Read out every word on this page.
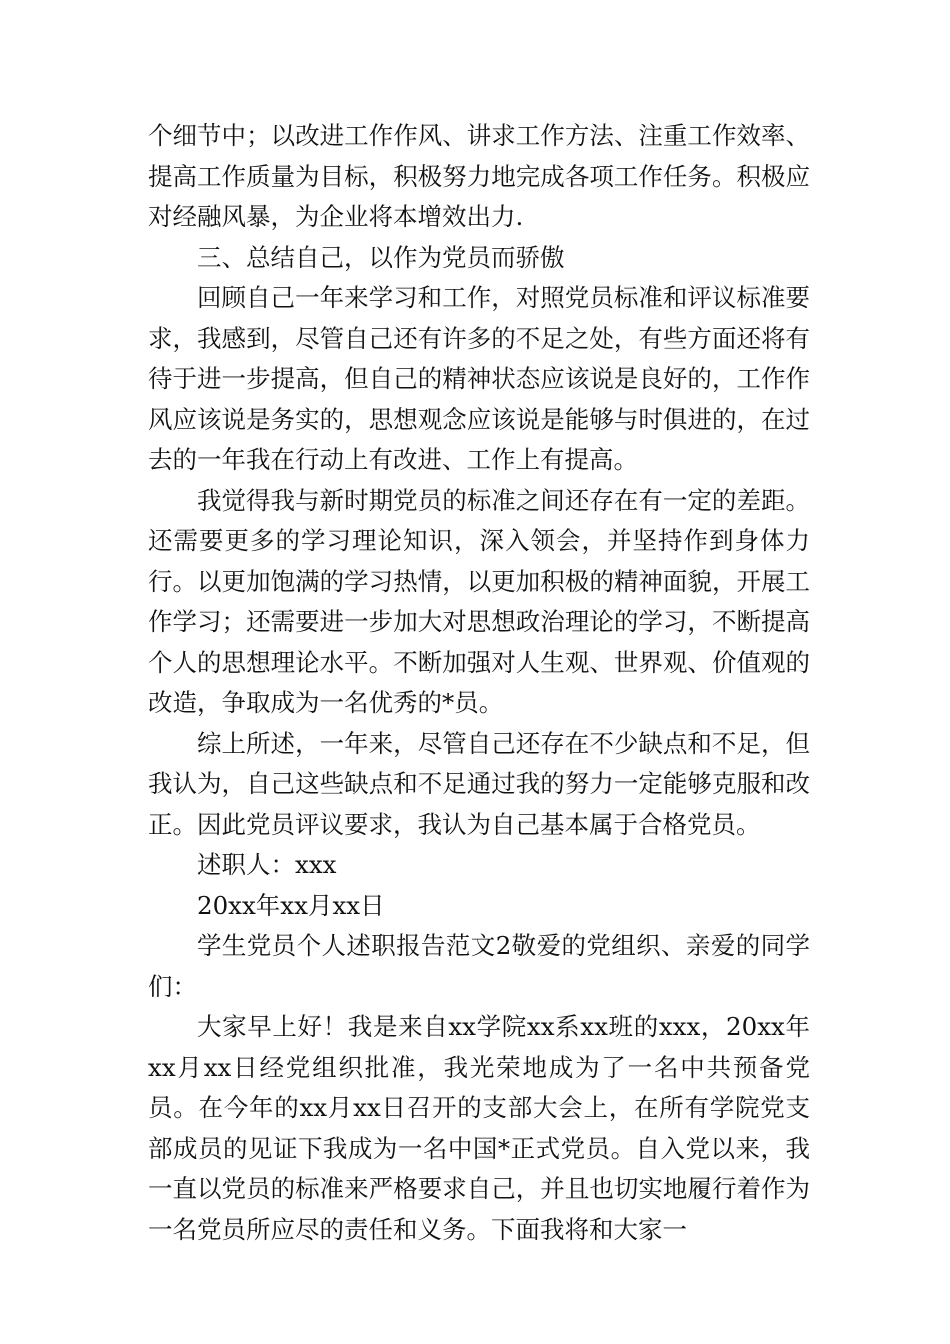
个细节中；以改进工作作风、讲求工作方法、注重工作效率、提高工作质量为目标，积极努力地完成各项工作任务。积极应对经融风暴，为企业将本增效出力.

三、总结自己，以作为党员而骄傲

回顾自己一年来学习和工作，对照党员标准和评议标准要求，我感到，尽管自己还有许多的不足之处，有些方面还将有待于进一步提高，但自己的精神状态应该说是良好的，工作作风应该说是务实的，思想观念应该说是能够与时俱进的，在过去的一年我在行动上有改进、工作上有提高。

我觉得我与新时期党员的标准之间还存在有一定的差距。还需要更多的学习理论知识，深入领会，并坚持作到身体力行。以更加饱满的学习热情，以更加积极的精神面貌，开展工作学习；还需要进一步加大对思想政治理论的学习，不断提高个人的思想理论水平。不断加强对人生观、世界观、价值观的改造，争取成为一名优秀的*员。

综上所述，一年来，尽管自己还存在不少缺点和不足，但我认为，自己这些缺点和不足通过我的努力一定能够克服和改正。因此党员评议要求，我认为自己基本属于合格党员。

述职人：xxx

20xx年xx月xx日

学生党员个人述职报告范文2敬爱的党组织、亲爱的同学们：

大家早上好！我是来自xx学院xx系xx班的xxx，20xx年xx月xx日经党组织批准，我光荣地成为了一名中共预备党员。在今年的xx月xx日召开的支部大会上，在所有学院党支部成员的见证下我成为一名中国*正式党员。自入党以来，我一直以党员的标准来严格要求自己，并且也切实地履行着作为一名党员所应尽的责任和义务。下面我将和大家一
